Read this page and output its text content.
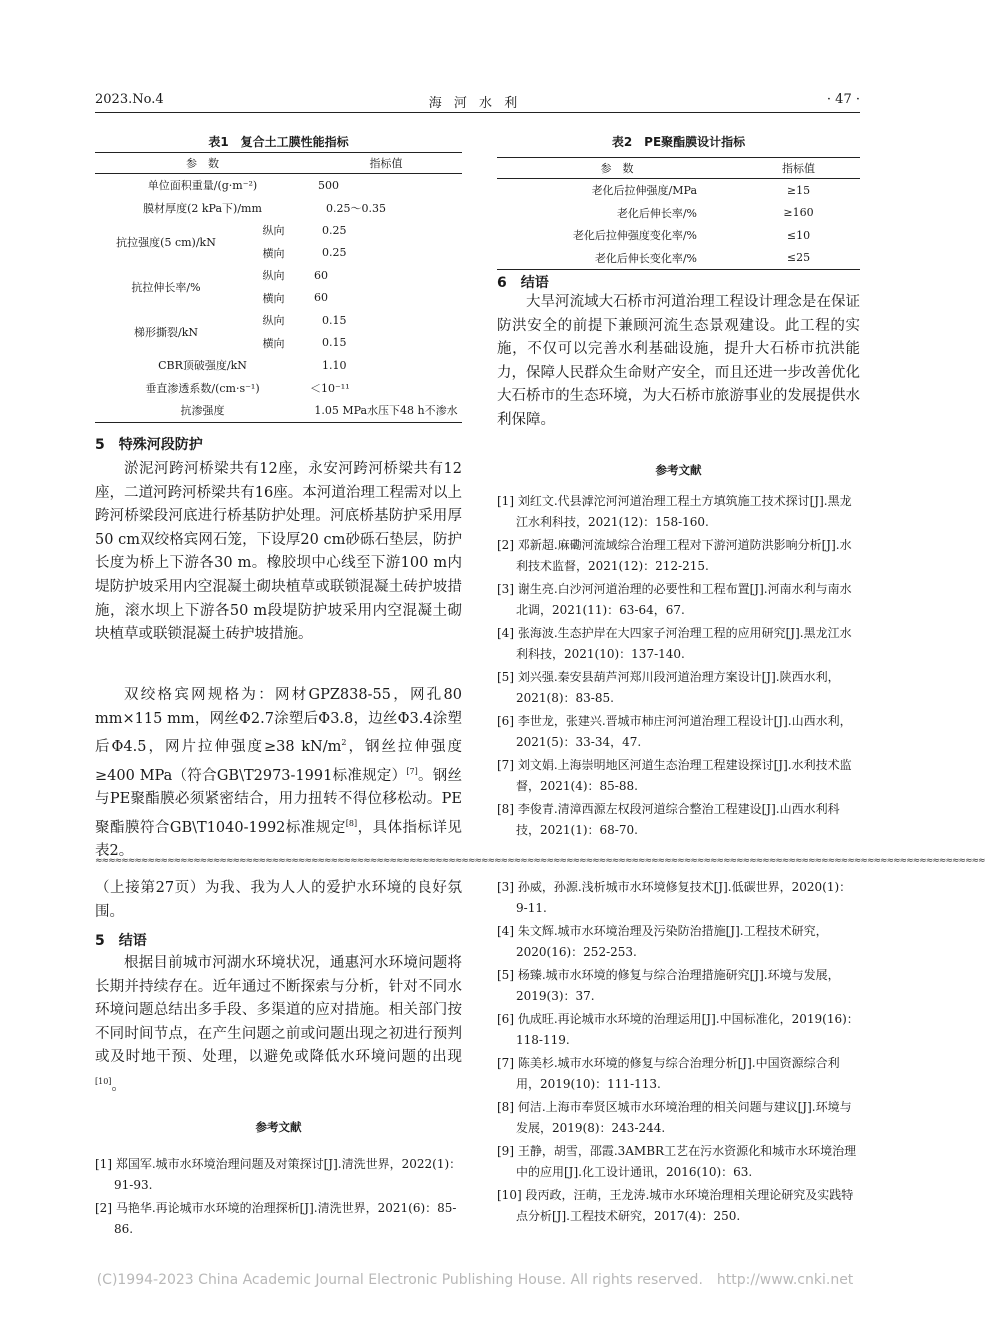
2023.No.4	海 河 水 利	· 47 ·
表1　复合土工膜性能指标
参　数		指标值
单位面积重量/(g·m⁻²)		500
膜材厚度(2 kPa下)/mm		0.25～0.35
抗拉强度(5 cm)/kN	纵向	0.25
	横向	0.25
抗拉伸长率/%	纵向	60
	横向	60
梯形撕裂/kN	纵向	0.15
	横向	0.15
CBR顶破强度/kN		1.10
垂直渗透系数/(cm·s⁻¹)		＜10⁻¹¹
抗渗强度		1.05 MPa水压下48 h不渗水
5　特殊河段防护
淤泥河跨河桥梁共有12座，永安河跨河桥梁共有12座，二道河跨河桥梁共有16座。本河道治理工程需对以上跨河桥梁段河底进行桥基防护处理。河底桥基防护采用厚50 cm双绞格宾网石笼，下设厚20 cm砂砾石垫层，防护长度为桥上下游各30 m。橡胶坝中心线至下游100 m内堤防护坡采用内空混凝土砌块植草或联锁混凝土砖护坡措施，滚水坝上下游各50 m段堤防护坡采用内空混凝土砌块植草或联锁混凝土砖护坡措施。
双绞格宾网规格为：网材GPZ838-55，网孔80 mm×115 mm，网丝Φ2.7涂塑后Φ3.8，边丝Φ3.4涂塑后Φ4.5，网片拉伸强度≥38 $kN/m^2$，钢丝拉伸强度≥400 MPa（符合GB\T2973-1991标准规定）[7]。钢丝与PE聚酯膜必须紧密结合，用力扭转不得位移松动。PE聚酯膜符合GB\T1040-1992标准规定[8]，具体指标详见表2。
表2　PE聚酯膜设计指标
参　数	指标值
老化后拉伸强度/MPa	≥15
老化后伸长率/%	≥160
老化后拉伸强度变化率/%	≤10
老化后伸长变化率/%	≤25
6　结语
大旱河流域大石桥市河道治理工程设计理念是在保证防洪安全的前提下兼顾河流生态景观建设。此工程的实施，不仅可以完善水利基础设施，提升大石桥市抗洪能力，保障人民群众生命财产安全，而且还进一步改善优化大石桥市的生态环境，为大石桥市旅游事业的发展提供水利保障。
参考文献
[1] 刘红文.代县滹沱河河道治理工程土方填筑施工技术探讨[J].黑龙江水利科技，2021(12)：158-160.
[2] 邓新超.麻磡河流域综合治理工程对下游河道防洪影响分析[J].水利技术监督，2021(12)：212-215.
[3] 谢生亮.白沙河河道治理的必要性和工程布置[J].河南水利与南水北调，2021(11)：63-64，67.
[4] 张海波.生态护岸在大四家子河治理工程的应用研究[J].黑龙江水利科技，2021(10)：137-140.
[5] 刘兴强.秦安县葫芦河郑川段河道治理方案设计[J].陕西水利，2021(8)：83-85.
[6] 李世龙，张建兴.晋城市柿庄河河道治理工程设计[J].山西水利，2021(5)：33-34，47.
[7] 刘文娟.上海崇明地区河道生态治理工程建设探讨[J].水利技术监督，2021(4)：85-88.
[8] 李俊青.清漳西源左权段河道综合整治工程建设[J].山西水利科技，2021(1)：68-70.
≈≈≈≈≈≈≈≈≈≈≈≈≈≈≈≈≈≈≈≈≈≈≈≈≈≈≈≈≈≈≈≈≈≈≈≈≈≈≈≈≈≈≈≈≈≈≈≈≈≈≈≈≈≈≈≈≈≈≈≈≈≈≈≈≈≈≈≈≈≈≈≈≈≈≈≈≈≈≈≈≈≈≈≈≈≈≈≈≈≈≈≈≈≈≈≈≈≈≈≈≈≈≈≈≈≈≈≈≈≈≈≈≈≈≈≈≈≈≈≈≈≈≈≈≈≈≈≈≈≈≈≈≈≈≈≈
（上接第27页）为我、我为人人的爱护水环境的良好氛围。
5　结语
根据目前城市河湖水环境状况，通惠河水环境问题将长期并持续存在。近年通过不断探索与分析，针对不同水环境问题总结出多手段、多渠道的应对措施。相关部门按不同时间节点，在产生问题之前或问题出现之初进行预判或及时地干预、处理，以避免或降低水环境问题的出现[10]。
参考文献
[1] 郑国军.城市水环境治理问题及对策探讨[J].清洗世界，2022(1)：91-93.
[2] 马艳华.再论城市水环境的治理探析[J].清洗世界，2021(6)：85-86.
[3] 孙威，孙源.浅析城市水环境修复技术[J].低碳世界，2020(1)：9-11.
[4] 朱文辉.城市水环境治理及污染防治措施[J].工程技术研究，2020(16)：252-253.
[5] 杨臻.城市水环境的修复与综合治理措施研究[J].环境与发展，2019(3)：37.
[6] 仇成旺.再论城市水环境的治理运用[J].中国标准化，2019(16)：118-119.
[7] 陈美杉.城市水环境的修复与综合治理分析[J].中国资源综合利用，2019(10)：111-113.
[8] 何洁.上海市奉贤区城市水环境治理的相关问题与建议[J].环境与发展，2019(8)：243-244.
[9] 王静，胡雪，邵霞.3AMBR工艺在污水资源化和城市水环境治理中的应用[J].化工设计通讯，2016(10)：63.
[10] 段丙政，汪萌，王龙涛.城市水环境治理相关理论研究及实践特点分析[J].工程技术研究，2017(4)：250.
(C)1994-2023 China Academic Journal Electronic Publishing House. All rights reserved.　http://www.cnki.net
